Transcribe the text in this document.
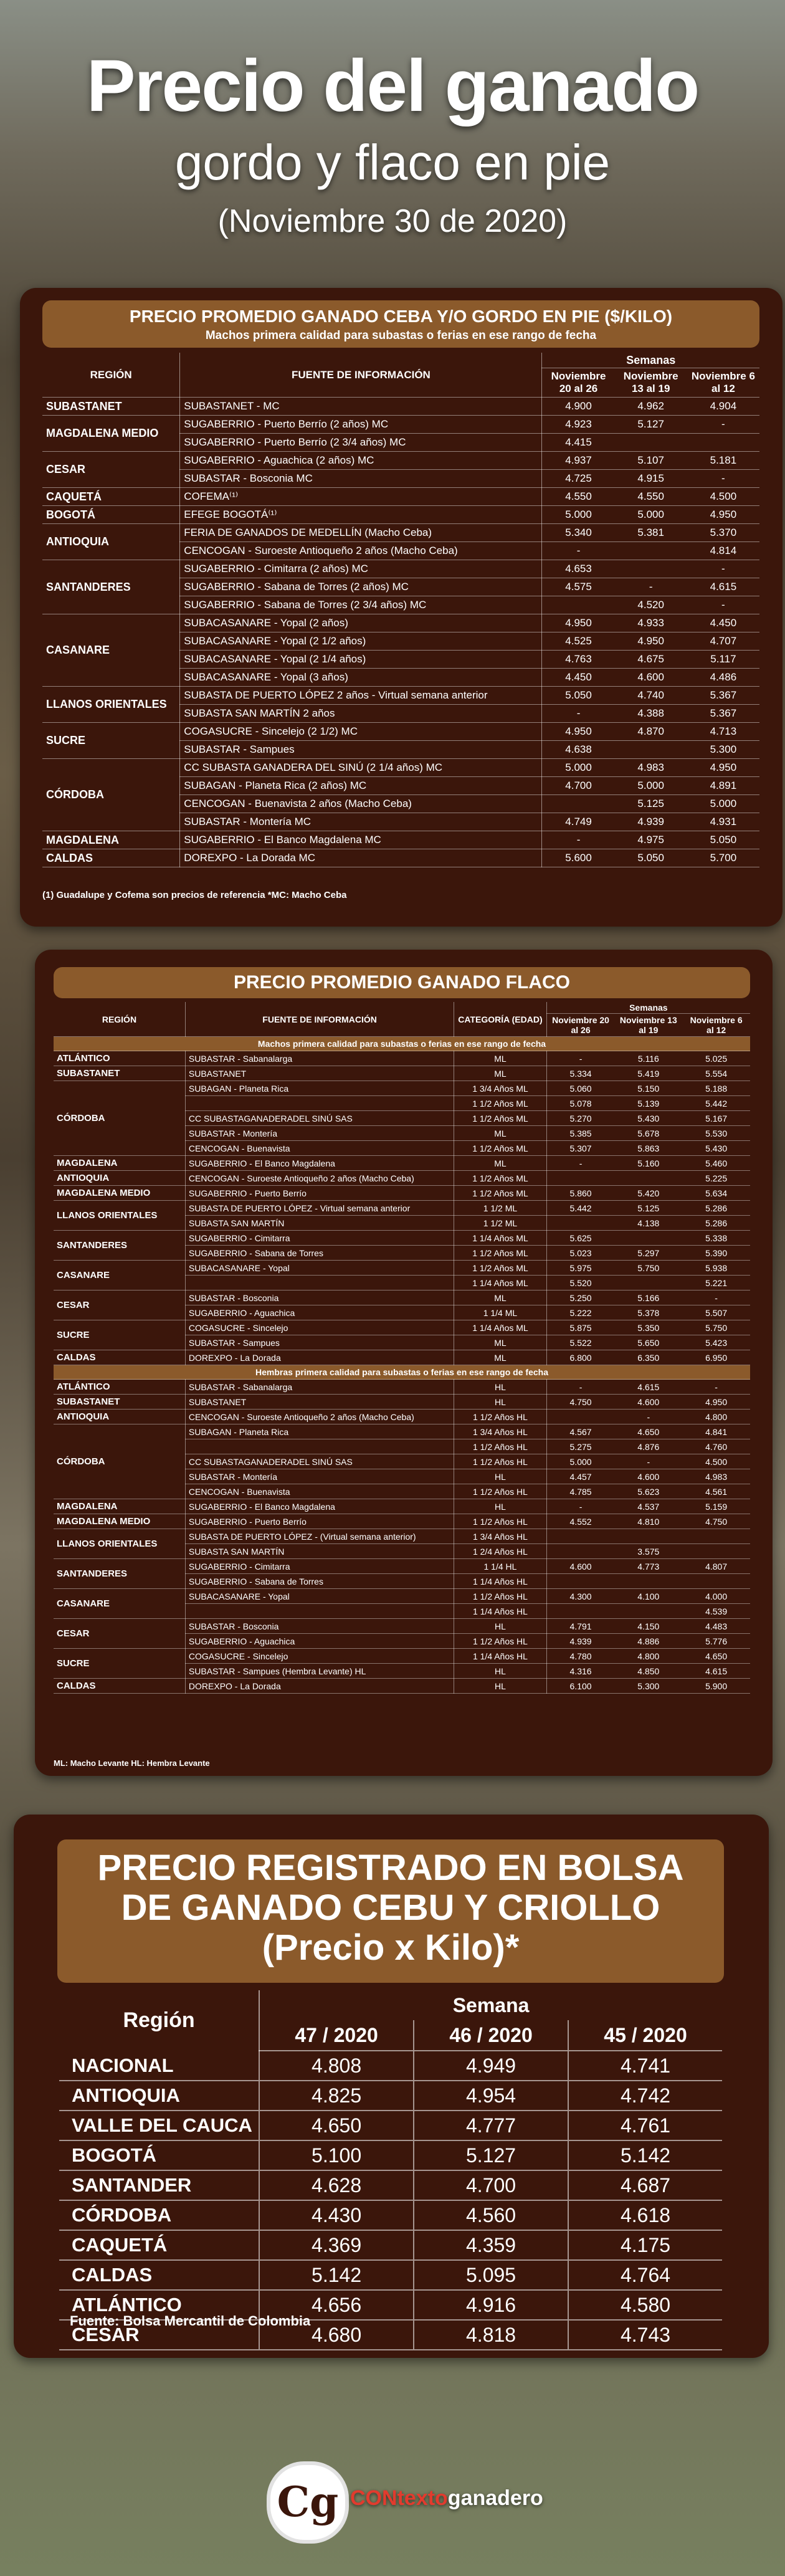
Precio del ganado
gordo y flaco en pie
(Noviembre 30 de 2020)
PRECIO PROMEDIO GANADO CEBA Y/O GORDO EN PIE ($/KILO)
Machos primera calidad para subastas o ferias en ese rango de fecha
REGIÓN	FUENTE DE INFORMACIÓN	Semanas		
		Noviembre 20 al 26	Noviembre 13 al 19	Noviembre 6 al 12
SUBASTANET	SUBASTANET - MC	4.900	4.962	4.904
MAGDALENA MEDIO	SUGABERRIO - Puerto Berrío (2 años) MC	4.923	5.127	-
	SUGABERRIO - Puerto Berrío (2 3/4 años) MC	4.415		
CESAR	SUGABERRIO - Aguachica (2 años) MC	4.937	5.107	5.181
	SUBASTAR - Bosconia MC	4.725	4.915	-
CAQUETÁ	COFEMA⁽¹⁾	4.550	4.550	4.500
BOGOTÁ	EFEGE BOGOTÁ⁽¹⁾	5.000	5.000	4.950
ANTIOQUIA	FERIA DE GANADOS DE MEDELLÍN (Macho Ceba)	5.340	5.381	5.370
	CENCOGAN - Suroeste Antioqueño 2 años (Macho Ceba)	-		4.814
SANTANDERES	SUGABERRIO - Cimitarra (2 años) MC	4.653		-
	SUGABERRIO - Sabana de Torres (2 años) MC	4.575	-	4.615
	SUGABERRIO - Sabana de Torres (2 3/4 años) MC		4.520	-
CASANARE	SUBACASANARE - Yopal (2 años)	4.950	4.933	4.450
	SUBACASANARE - Yopal (2 1/2 años)	4.525	4.950	4.707
	SUBACASANARE - Yopal (2 1/4 años)	4.763	4.675	5.117
	SUBACASANARE - Yopal (3 años)	4.450	4.600	4.486
LLANOS ORIENTALES	SUBASTA DE PUERTO LÓPEZ 2 años - Virtual semana anterior	5.050	4.740	5.367
	SUBASTA SAN MARTÍN 2 años	-	4.388	5.367
SUCRE	COGASUCRE - Sincelejo (2 1/2) MC	4.950	4.870	4.713
	SUBASTAR - Sampues	4.638		5.300
CÓRDOBA	CC SUBASTA GANADERA DEL SINÚ (2 1/4 años) MC	5.000	4.983	4.950
	SUBAGAN - Planeta Rica (2 años) MC	4.700	5.000	4.891
	CENCOGAN - Buenavista 2 años (Macho Ceba)		5.125	5.000
	SUBASTAR - Montería MC	4.749	4.939	4.931
MAGDALENA	SUGABERRIO - El Banco Magdalena MC	-	4.975	5.050
CALDAS	DOREXPO - La Dorada MC	5.600	5.050	5.700
(1) Guadalupe y Cofema son precios de referencia *MC: Macho Ceba
PRECIO PROMEDIO GANADO FLACO
REGIÓN	FUENTE DE INFORMACIÓN	CATEGORÍA (EDAD)	Semanas		
			Noviembre 20 al 26	Noviembre 13 al 19	Noviembre 6 al 12
Machos primera calidad para subastas o ferias en ese rango de fecha					
ATLÁNTICO	SUBASTAR - Sabanalarga	ML	-	5.116	5.025
SUBASTANET	SUBASTANET	ML	5.334	5.419	5.554
CÓRDOBA	SUBAGAN - Planeta Rica	1 3/4 Años ML	5.060	5.150	5.188
		1 1/2 Años ML	5.078	5.139	5.442
	CC SUBASTAGANADERADEL SINÚ SAS	1 1/2 Años ML	5.270	5.430	5.167
	SUBASTAR - Montería	ML	5.385	5.678	5.530
	CENCOGAN - Buenavista	1 1/2 Años ML	5.307	5.863	5.430
MAGDALENA	SUGABERRIO - El Banco Magdalena	ML	-	5.160	5.460
ANTIOQUIA	CENCOGAN - Suroeste Antioqueño 2 años (Macho Ceba)	1 1/2 Años ML			5.225
MAGDALENA MEDIO	SUGABERRIO - Puerto Berrío	1 1/2 Años ML	5.860	5.420	5.634
LLANOS ORIENTALES	SUBASTA DE PUERTO LÓPEZ - Virtual semana anterior	1 1/2 ML	5.442	5.125	5.286
	SUBASTA SAN MARTÍN	1 1/2 ML		4.138	5.286
SANTANDERES	SUGABERRIO - Cimitarra	1 1/4 Años ML	5.625		5.338
	SUGABERRIO - Sabana de Torres	1 1/2 Años ML	5.023	5.297	5.390
CASANARE	SUBACASANARE - Yopal	1 1/2 Años ML	5.975	5.750	5.938
		1 1/4 Años ML	5.520		5.221
CESAR	SUBASTAR - Bosconia	ML	5.250	5.166	-
	SUGABERRIO - Aguachica	1 1/4 ML	5.222	5.378	5.507
SUCRE	COGASUCRE - Sincelejo	1 1/4 Años ML	5.875	5.350	5.750
	SUBASTAR - Sampues	ML	5.522	5.650	5.423
CALDAS	DOREXPO - La Dorada	ML	6.800	6.350	6.950
Hembras primera calidad para subastas o ferias en ese rango de fecha					
ATLÁNTICO	SUBASTAR - Sabanalarga	HL	-	4.615	-
SUBASTANET	SUBASTANET	HL	4.750	4.600	4.950
ANTIOQUIA	CENCOGAN - Suroeste Antioqueño 2 años (Macho Ceba)	1 1/2 Años HL		-	4.800
CÓRDOBA	SUBAGAN - Planeta Rica	1 3/4 Años HL	4.567	4.650	4.841
		1 1/2 Años HL	5.275	4.876	4.760
	CC SUBASTAGANADERADEL SINÚ SAS	1 1/2 Años HL	5.000	-	4.500
	SUBASTAR - Montería	HL	4.457	4.600	4.983
	CENCOGAN - Buenavista	1 1/2 Años HL	4.785	5.623	4.561
MAGDALENA	SUGABERRIO - El Banco Magdalena	HL	-	4.537	5.159
MAGDALENA MEDIO	SUGABERRIO - Puerto Berrío	1 1/2 Años HL	4.552	4.810	4.750
LLANOS ORIENTALES	SUBASTA DE PUERTO LÓPEZ - (Virtual semana anterior)	1 3/4 Años HL			
	SUBASTA SAN MARTÍN	1 2/4 Años HL		3.575	
SANTANDERES	SUGABERRIO - Cimitarra	1 1/4 HL	4.600	4.773	4.807
	SUGABERRIO - Sabana de Torres	1 1/4 Años HL			
CASANARE	SUBACASANARE - Yopal	1 1/2 Años HL	4.300	4.100	4.000
		1 1/4 Años HL			4.539
CESAR	SUBASTAR - Bosconia	HL	4.791	4.150	4.483
	SUGABERRIO - Aguachica	1 1/2 Años HL	4.939	4.886	5.776
SUCRE	COGASUCRE - Sincelejo	1 1/4 Años HL	4.780	4.800	4.650
	SUBASTAR - Sampues (Hembra Levante) HL	HL	4.316	4.850	4.615
CALDAS	DOREXPO - La Dorada	HL	6.100	5.300	5.900
ML: Macho Levante HL: Hembra Levante
PRECIO REGISTRADO EN BOLSA
DE GANADO CEBU Y CRIOLLO
(Precio x Kilo)*
Región	Semana		
	47 / 2020	46 / 2020	45 / 2020
NACIONAL	4.808	4.949	4.741
ANTIOQUIA	4.825	4.954	4.742
VALLE DEL CAUCA	4.650	4.777	4.761
BOGOTÁ	5.100	5.127	5.142
SANTANDER	4.628	4.700	4.687
CÓRDOBA	4.430	4.560	4.618
CAQUETÁ	4.369	4.359	4.175
CALDAS	5.142	5.095	4.764
ATLÁNTICO	4.656	4.916	4.580
CESAR	4.680	4.818	4.743
Fuente: Bolsa Mercantil de Colombia
Cg CONtextoganadero
